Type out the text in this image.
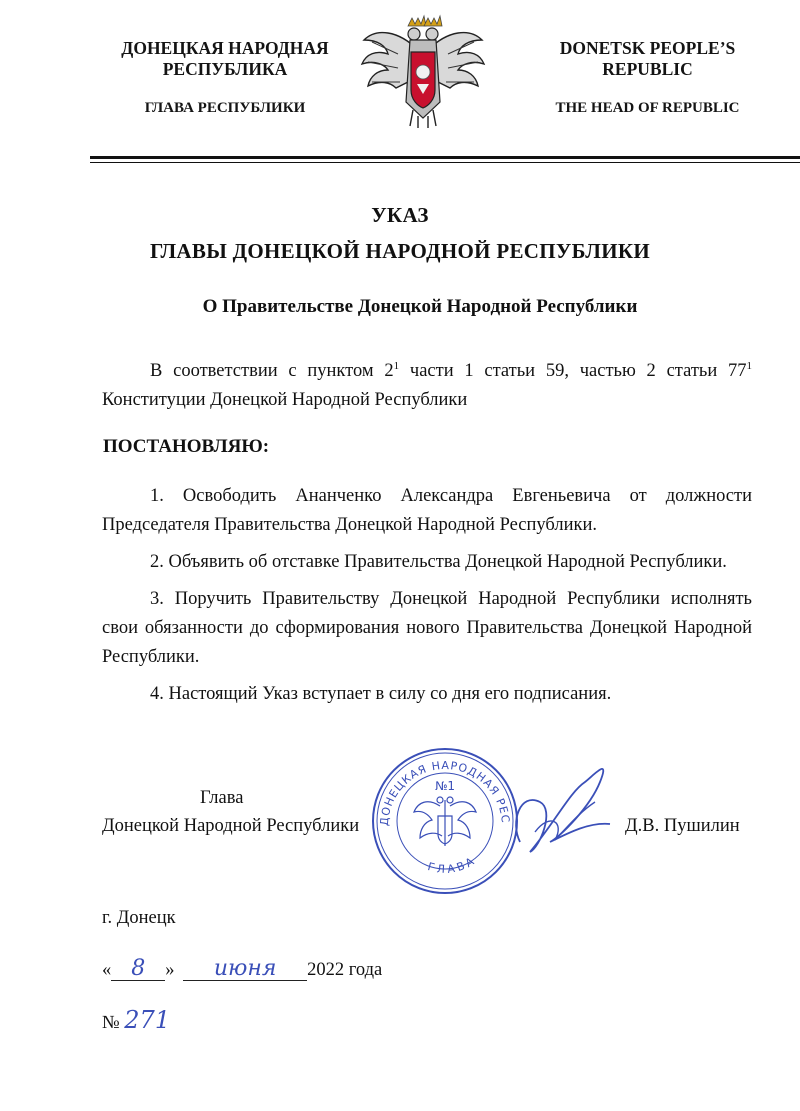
ДОНЕЦКАЯ НАРОДНАЯ
РЕСПУБЛИКА
ГЛАВА РЕСПУБЛИКИ
DONETSK PEOPLE’S
REPUBLIC
THE HEAD OF REPUBLIC
УКАЗ
ГЛАВЫ ДОНЕЦКОЙ НАРОДНОЙ РЕСПУБЛИКИ
О Правительстве Донецкой Народной Республики

В соответствии с пунктом $2^1$ части 1 статьи 59, частью 2 статьи $77^1$ Конституции Донецкой Народной Республики

ПОСТАНОВЛЯЮ:

1. Освободить Ананченко Александра Евгеньевича от должности Председателя Правительства Донецкой Народной Республики.

2. Объявить об отставке Правительства Донецкой Народной Республики.

3. Поручить Правительству Донецкой Народной Республики исполнять свои обязанности до сформирования нового Правительства Донецкой Народной Республики.

4. Настоящий Указ вступает в силу со дня его подписания.

Глава
Донецкой Народной Республики	Д.В. Пушилин
ДОНЕЦКАЯ НАРОДНАЯ РЕС
№1
ГЛАВА
г. Донецк
« 8 » июня 2022 года
№ 271
